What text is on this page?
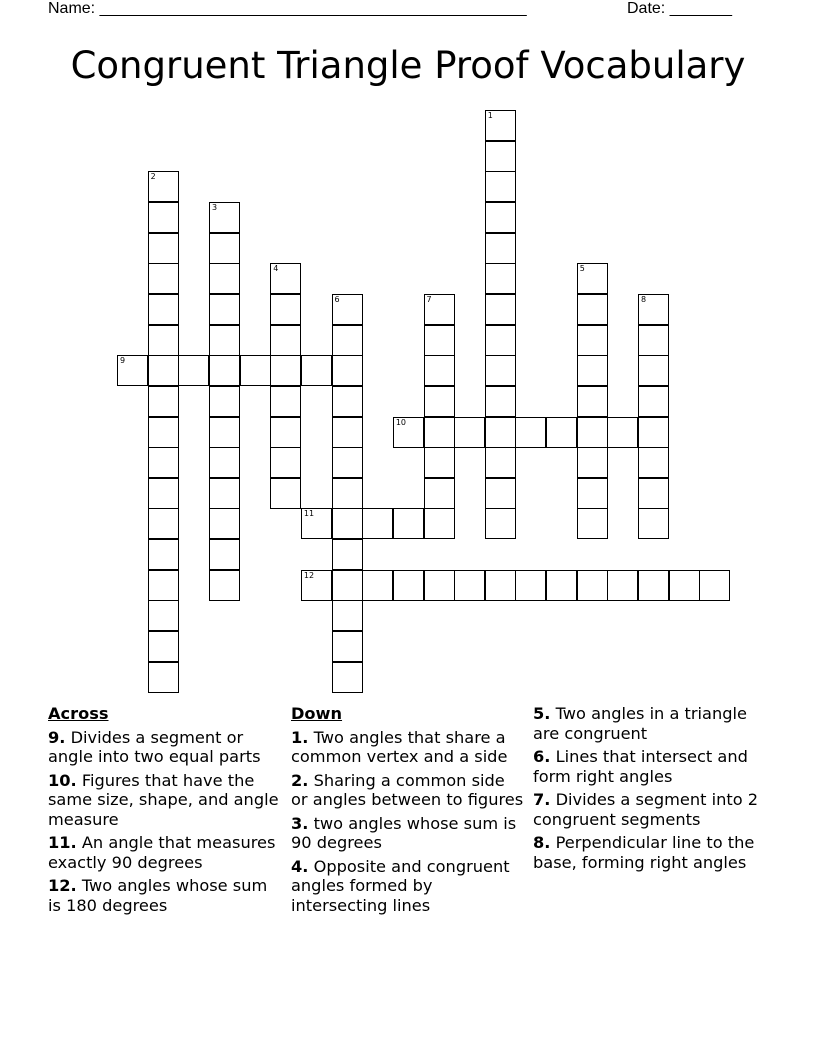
Name: ________________________________________________	Date: _______
Congruent Triangle Proof Vocabulary
1
2
3
4	5
6	7	8
9
10
11
12
Across
9. Divides a segment or angle into two equal parts
10. Figures that have the same size, shape, and angle measure
11. An angle that measures exactly 90 degrees
12. Two angles whose sum is 180 degrees
Down
1. Two angles that share a common vertex and a side
2. Sharing a common side or angles between to figures
3. two angles whose sum is 90 degrees
4. Opposite and congruent angles formed by intersecting lines
5. Two angles in a triangle are congruent
6. Lines that intersect and form right angles
7. Divides a segment into 2 congruent segments
8. Perpendicular line to the base, forming right angles
